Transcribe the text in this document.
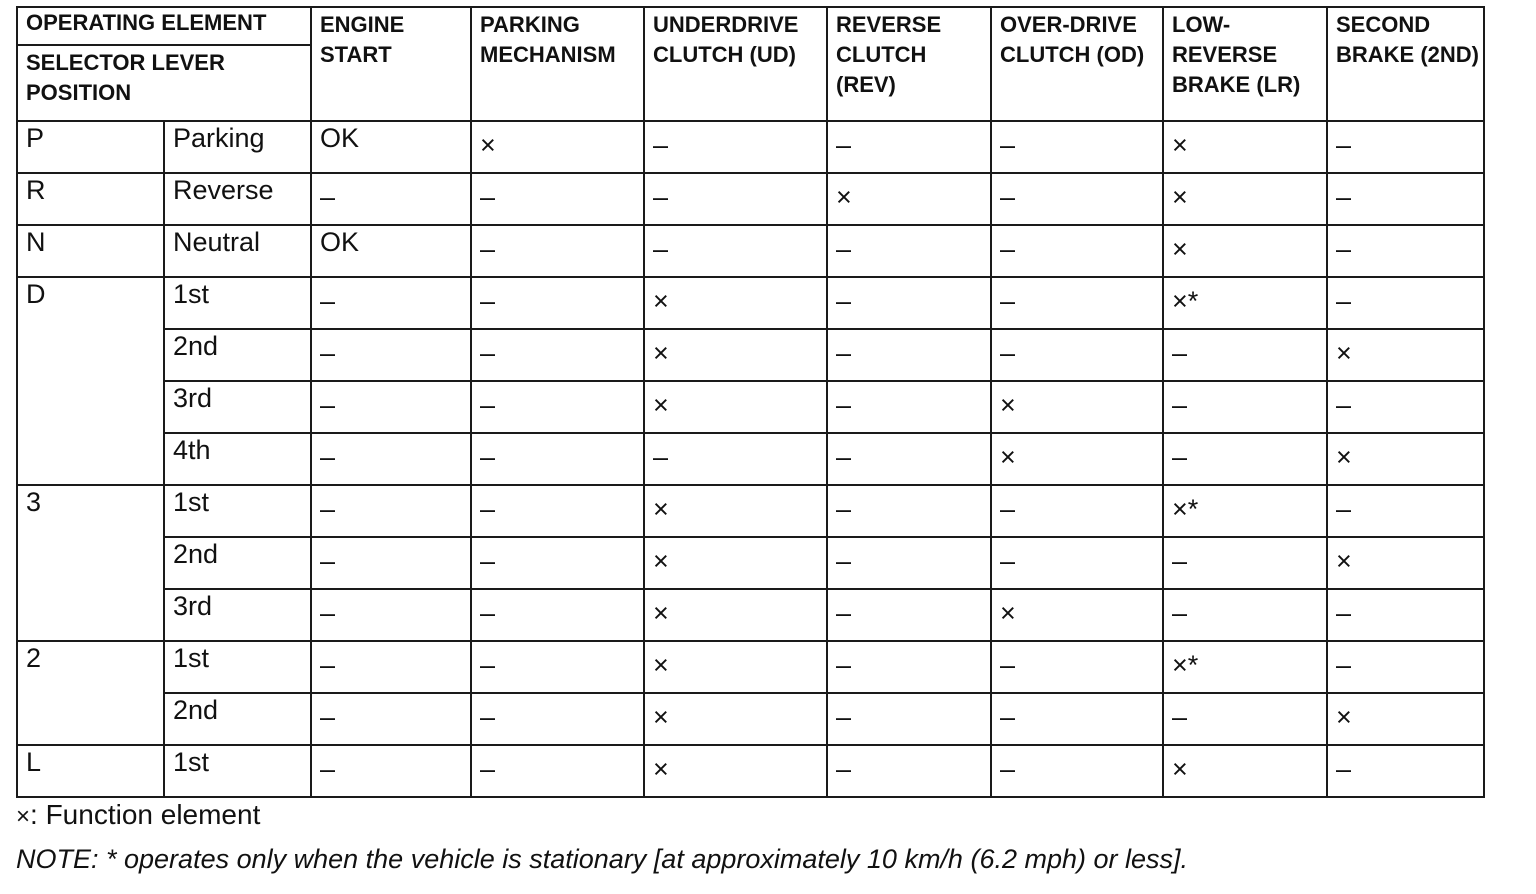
OPERATING ELEMENT		ENGINE START	PARKING MECHANISM	UNDERDRIVE CLUTCH (UD)	REVERSE CLUTCH (REV)	OVER-DRIVE CLUTCH (OD)	LOW-REVERSE BRAKE (LR)	SECOND BRAKE (2ND)
SELECTOR LEVER POSITION								
P	Parking	OK	×	–	–	–	×	–
R	Reverse	–	–	–	×	–	×	–
N	Neutral	OK	–	–	–	–	×	–
D	1st	–	–	×	–	–	×*	–
	2nd	–	–	×	–	–	–	×
	3rd	–	–	×	–	×	–	–
	4th	–	–	–	–	×	–	×
3	1st	–	–	×	–	–	×*	–
	2nd	–	–	×	–	–	–	×
	3rd	–	–	×	–	×	–	–
2	1st	–	–	×	–	–	×*	–
	2nd	–	–	×	–	–	–	×
L	1st	–	–	×	–	–	×	–
×: Function element
NOTE: * operates only when the vehicle is stationary [at approximately 10 km/h (6.2 mph) or less].
